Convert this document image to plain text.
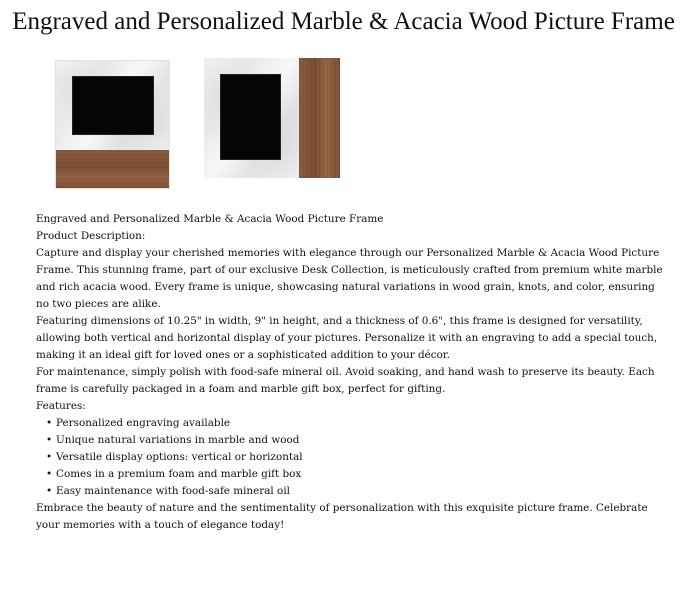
Engraved and Personalized Marble & Acacia Wood Picture Frame

Engraved and Personalized Marble & Acacia Wood Picture Frame

Product Description:

Capture and display your cherished memories with elegance through our Personalized Marble & Acacia Wood Picture Frame. This stunning frame, part of our exclusive Desk Collection, is meticulously crafted from premium white marble and rich acacia wood. Every frame is unique, showcasing natural variations in wood grain, knots, and color, ensuring no two pieces are alike.

Featuring dimensions of 10.25" in width, 9" in height, and a thickness of 0.6", this frame is designed for versatility, allowing both vertical and horizontal display of your pictures. Personalize it with an engraving to add a special touch, making it an ideal gift for loved ones or a sophisticated addition to your décor.

For maintenance, simply polish with food-safe mineral oil. Avoid soaking, and hand wash to preserve its beauty. Each frame is carefully packaged in a foam and marble gift box, perfect for gifting.

Features:

• Personalized engraving available
• Unique natural variations in marble and wood
• Versatile display options: vertical or horizontal
• Comes in a premium foam and marble gift box
• Easy maintenance with food-safe mineral oil

Embrace the beauty of nature and the sentimentality of personalization with this exquisite picture frame. Celebrate your memories with a touch of elegance today!
